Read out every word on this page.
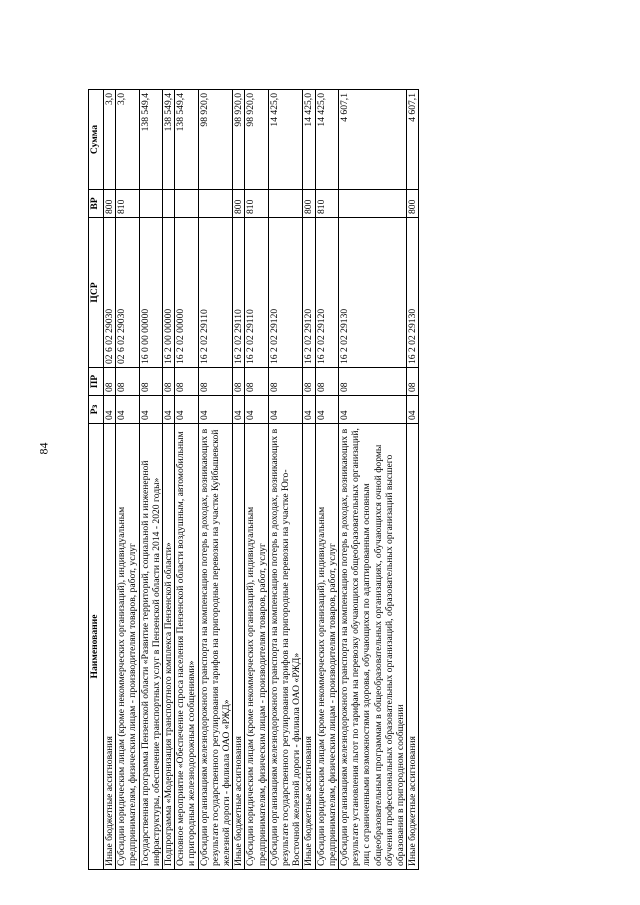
84
Наименование	Рз	ПР	ЦСР	ВР	Сумма
Иные бюджетные ассигнования	04	08	02 6 02 29030	800	3,0
Субсидии юридическим лицам (кроме некоммерческих организаций), индивидуальным предпринимателям, физическим лицам - производителям товаров, работ, услуг	04	08	02 6 02 29030	810	3,0
Государственная программа Пензенской области «Развитие территорий, социальной и инженерной инфраструктуры, обеспечение транспортных услуг в Пензенской области на 2014 - 2020 годы»	04	08	16 0 00 00000		138 549,4
Подпрограмма «Модернизация транспортного комплекса Пензенской области»	04	08	16 2 00 00000		138 549,4
Основное мероприятие «Обеспечение спроса населения Пензенской области воздушным, автомобильным и пригородным железнодорожным сообщениями»	04	08	16 2 02 00000		138 549,4
Субсидии организациям железнодорожного транспорта на компенсацию потерь в доходах, возникающих в результате государственного регулирования тарифов на пригородные перевозки на участке Куйбышевской железной дороги - филиала ОАО «РЖД»	04	08	16 2 02 29110		98 920,0
Иные бюджетные ассигнования	04	08	16 2 02 29110	800	98 920,0
Субсидии юридическим лицам (кроме некоммерческих организаций), индивидуальным предпринимателям, физическим лицам - производителям товаров, работ, услуг	04	08	16 2 02 29110	810	98 920,0
Субсидии организациям железнодорожного транспорта на компенсацию потерь в доходах, возникающих в результате государственного регулирования тарифов на пригородные перевозки на участке Юго-Восточной железной дороги - филиала ОАО «РЖД»	04	08	16 2 02 29120		14 425,0
Иные бюджетные ассигнования	04	08	16 2 02 29120	800	14 425,0
Субсидии юридическим лицам (кроме некоммерческих организаций), индивидуальным предпринимателям, физическим лицам - производителям товаров, работ, услуг	04	08	16 2 02 29120	810	14 425,0
Субсидии организациям железнодорожного транспорта на компенсацию потерь в доходах, возникающих в результате установления льгот по тарифам на перевозку обучающихся общеобразовательных организаций, лиц с ограниченными возможностями здоровья, обучающихся по адаптированным основным общеобразовательным программам в общеобразовательных организациях, обучающихся очной формы обучения профессиональных образовательных организаций, образовательных организаций высшего образования в пригородном сообщении	04	08	16 2 02 29130		4 607,1
Иные бюджетные ассигнования	04	08	16 2 02 29130	800	4 607,1
